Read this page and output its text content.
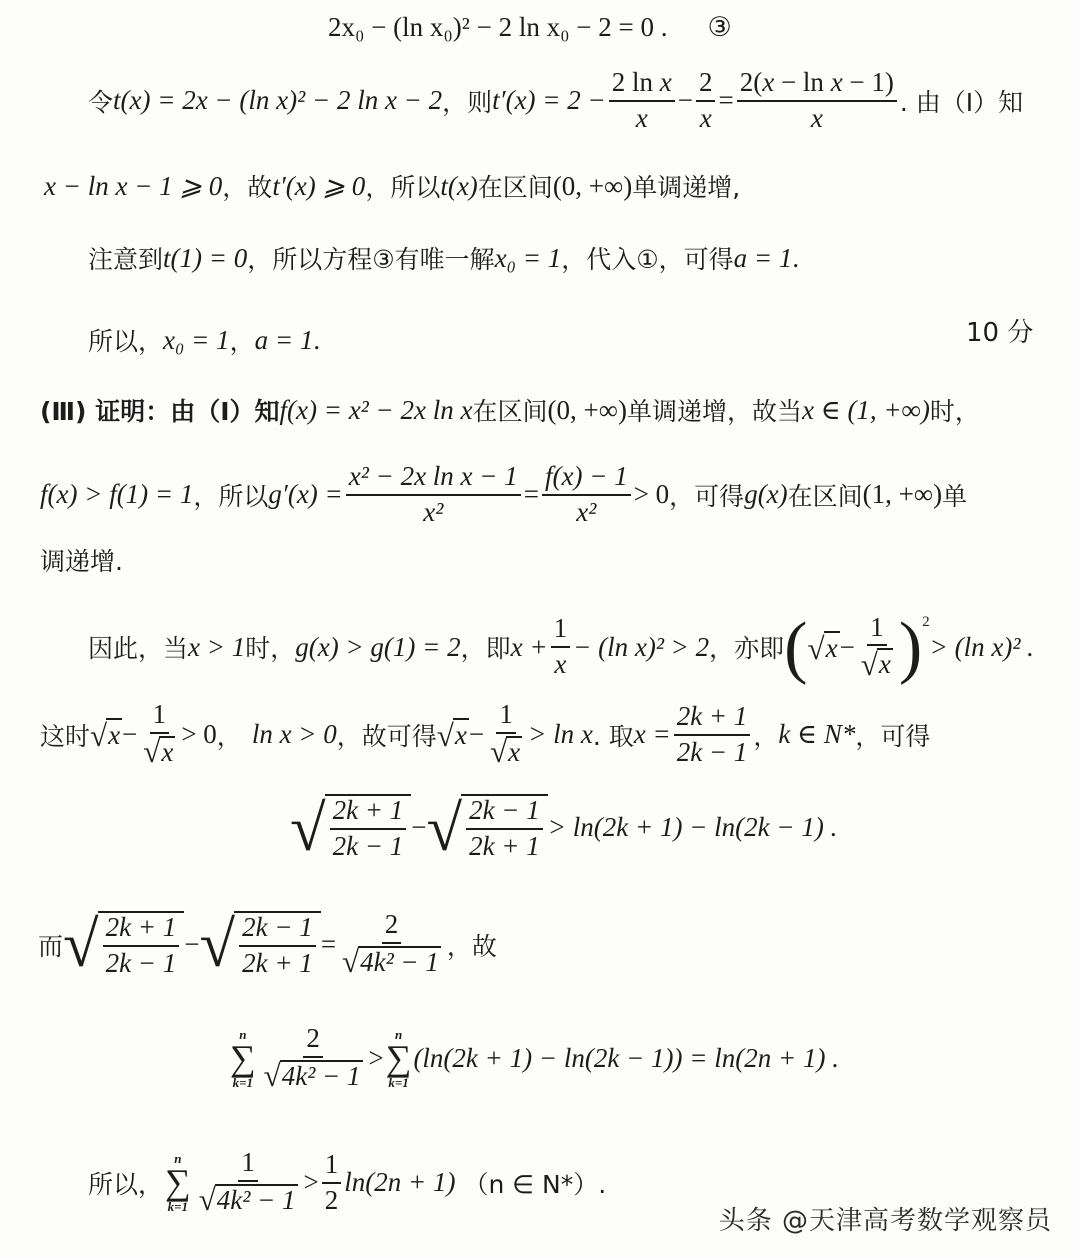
2x₀ − (ln x₀)² − 2 ln x₀ − 2 = 0 . ③
令 t(x) = 2x − (ln x)² − 2 ln x − 2 ，则 $t'(x) = 2 - \frac{\text{2 ln x}}{x} - \frac{2}{x} = \frac{\text{2(x − ln x − 1)}}{x}$ . 由（Ⅰ）知
x − ln x − 1 ⩾ 0 ，故 t′(x) ⩾ 0 ，所以 t(x) 在区间 (0, +∞) 单调递增,
注意到 t(1) = 0 ，所以方程③有唯一解 x₀ = 1 ，代入①，可得 a = 1 .
所以， x₀ = 1 ， a = 1 .	10 分
(Ⅲ) 证明：由（Ⅰ）知 f(x) = x² − 2x ln x 在区间 (0, +∞) 单调递增，故当 x ∈ (1, +∞) 时，
f(x) > f(1) = 1 ，所以 $g'(x) = \frac{\text{x² − 2x ln x − 1}}{\text{x²}} = \frac{f(x) - 1}{\text{x²}} > 0$ ，可得 g(x) 在区间 (1, +∞) 单
调递增.
因此，当 x > 1 时， g(x) > g(1) = 2 ，即 $x + \frac{1}{x} - (\ln$ x)² > 2 ，亦即 ( √ $x - \frac{1}{√ x} )^2$
> (ln x)² .
这时 √ $x - \frac{1}{√ x} > 0$ ， ln x > 0 ，故可得 √ $x - \frac{1}{√ x} > \ln x$ . 取 $x = \frac{2k + 1}{2k - 1}$ ， k ∈ N* ，可得
√ $\frac{2k + 1}{2k - 1}$ − √ $\frac{2k - 1}{2k + 1} > \ln(2k + 1) - \ln(2k - 1)$ .
而 √ $\frac{2k + 1}{2k - 1}$ − √ $\frac{2k - 1}{2k + 1} = \frac{2}{\text{√ 4k² − 1}}$ ，故
n
∑
$k=1 \frac{2}{\text{√ 4k² − 1}}$ >
n
∑
k=1
(ln(2k + 1) − ln(2k − 1)) = ln(2n + 1) .
所以，
n
∑
$k=1 \frac{1}{\text{√ 4k² − 1}} > \frac{1}{2} \ln(2n + 1)$ （n ∈ N*）.
头条 @天津高考数学观察员
